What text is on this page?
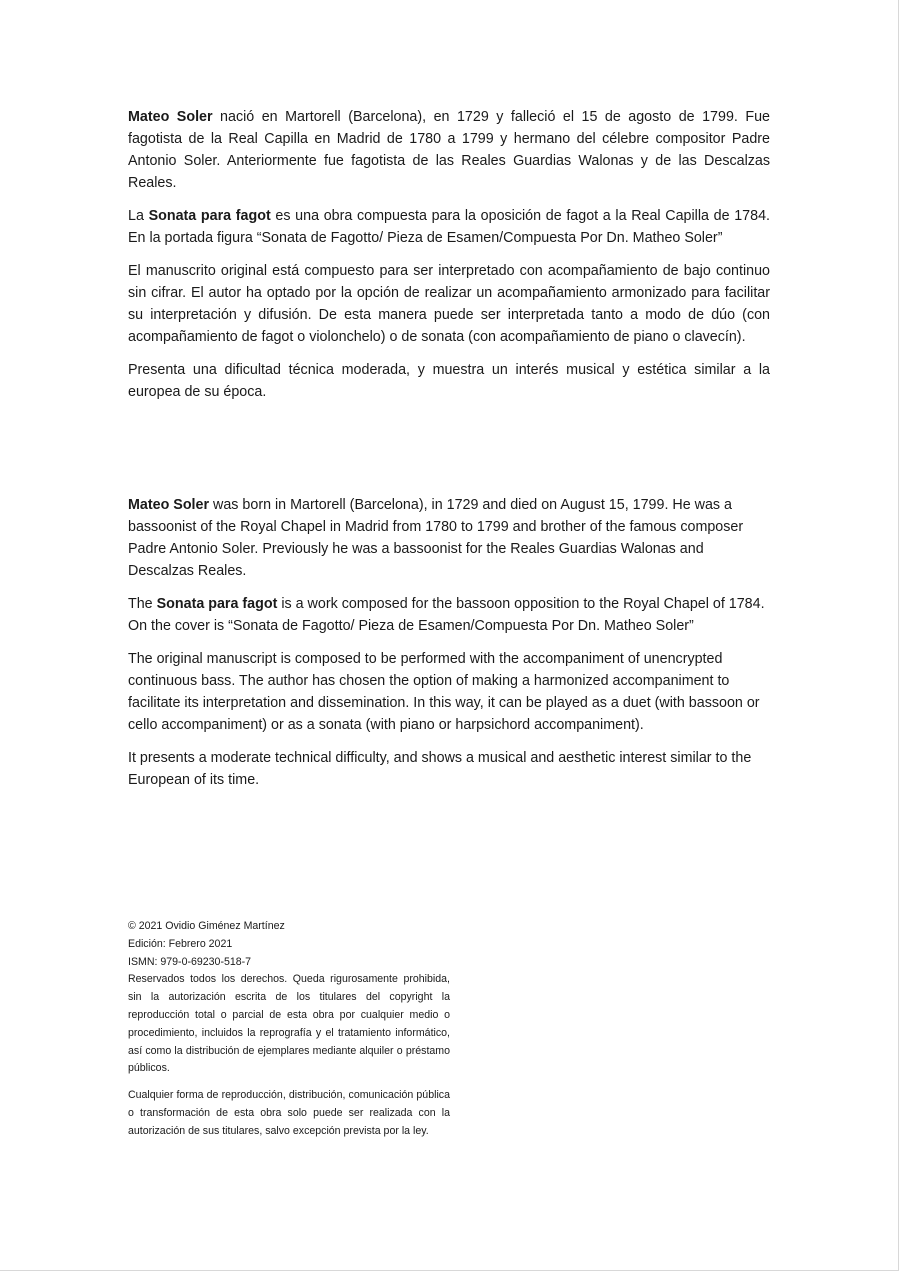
Mateo Soler nació en Martorell (Barcelona), en 1729 y falleció el 15 de agosto de 1799. Fue fagotista de la Real Capilla en Madrid de 1780 a 1799 y hermano del célebre compositor Padre Antonio Soler. Anteriormente fue fagotista de las Reales Guardias Walonas y de las Descalzas Reales.

La Sonata para fagot es una obra compuesta para la oposición de fagot a la Real Capilla de 1784. En la portada figura “Sonata de Fagotto/ Pieza de Esamen/Compuesta Por Dn. Matheo Soler”

El manuscrito original está compuesto para ser interpretado con acompañamiento de bajo continuo sin cifrar. El autor ha optado por la opción de realizar un acompañamiento armonizado para facilitar su interpretación y difusión. De esta manera puede ser interpretada tanto a modo de dúo (con acompañamiento de fagot o violonchelo) o de sonata (con acompañamiento de piano o clavecín).

Presenta una dificultad técnica moderada, y muestra un interés musical y estética similar a la europea de su época.

Mateo Soler was born in Martorell (Barcelona), in 1729 and died on August 15, 1799. He was a bassoonist of the Royal Chapel in Madrid from 1780 to 1799 and brother of the famous composer Padre Antonio Soler. Previously he was a bassoonist for the Reales Guardias Walonas and Descalzas Reales.

The Sonata para fagot is a work composed for the bassoon opposition to the Royal Chapel of 1784. On the cover is “Sonata de Fagotto/ Pieza de Esamen/Compuesta Por Dn. Matheo Soler”

The original manuscript is composed to be performed with the accompaniment of unencrypted continuous bass. The author has chosen the option of making a harmonized accompaniment to facilitate its interpretation and dissemination. In this way, it can be played as a duet (with bassoon or cello accompaniment) or as a sonata (with piano or harpsichord accompaniment).

It presents a moderate technical difficulty, and shows a musical and aesthetic interest similar to the European of its time.

© 2021 Ovidio Giménez Martínez
Edición: Febrero 2021
ISMN: 979-0-69230-518-7

Reservados todos los derechos. Queda rigurosamente prohibida, sin la autorización escrita de los titulares del copyright la reproducción total o parcial de esta obra por cualquier medio o procedimiento, incluidos la reprografía y el tratamiento informático, así como la distribución de ejemplares mediante alquiler o préstamo públicos.

Cualquier forma de reproducción, distribución, comunicación pública o transformación de esta obra solo puede ser realizada con la autorización de sus titulares, salvo excepción prevista por la ley.
